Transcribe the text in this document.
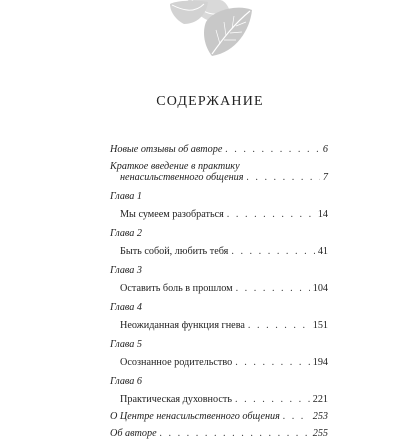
СОДЕРЖАНИЕ
Новые отзывы об авторе . . .	6
Краткое введение в практику
ненасильственного общения . . .	7
Глава 1
Мы сумеем разобраться . . .	14
Глава 2
Быть собой, любить тебя . . .	41
Глава 3
Оставить боль в прошлом . . .	104
Глава 4
Неожиданная функция гнева . . .	151
Глава 5
Осознанное родительство . . .	194
Глава 6
Практическая духовность . . .	221
О Центре ненасильственного общения . . .	253
Об авторе . . .	255
